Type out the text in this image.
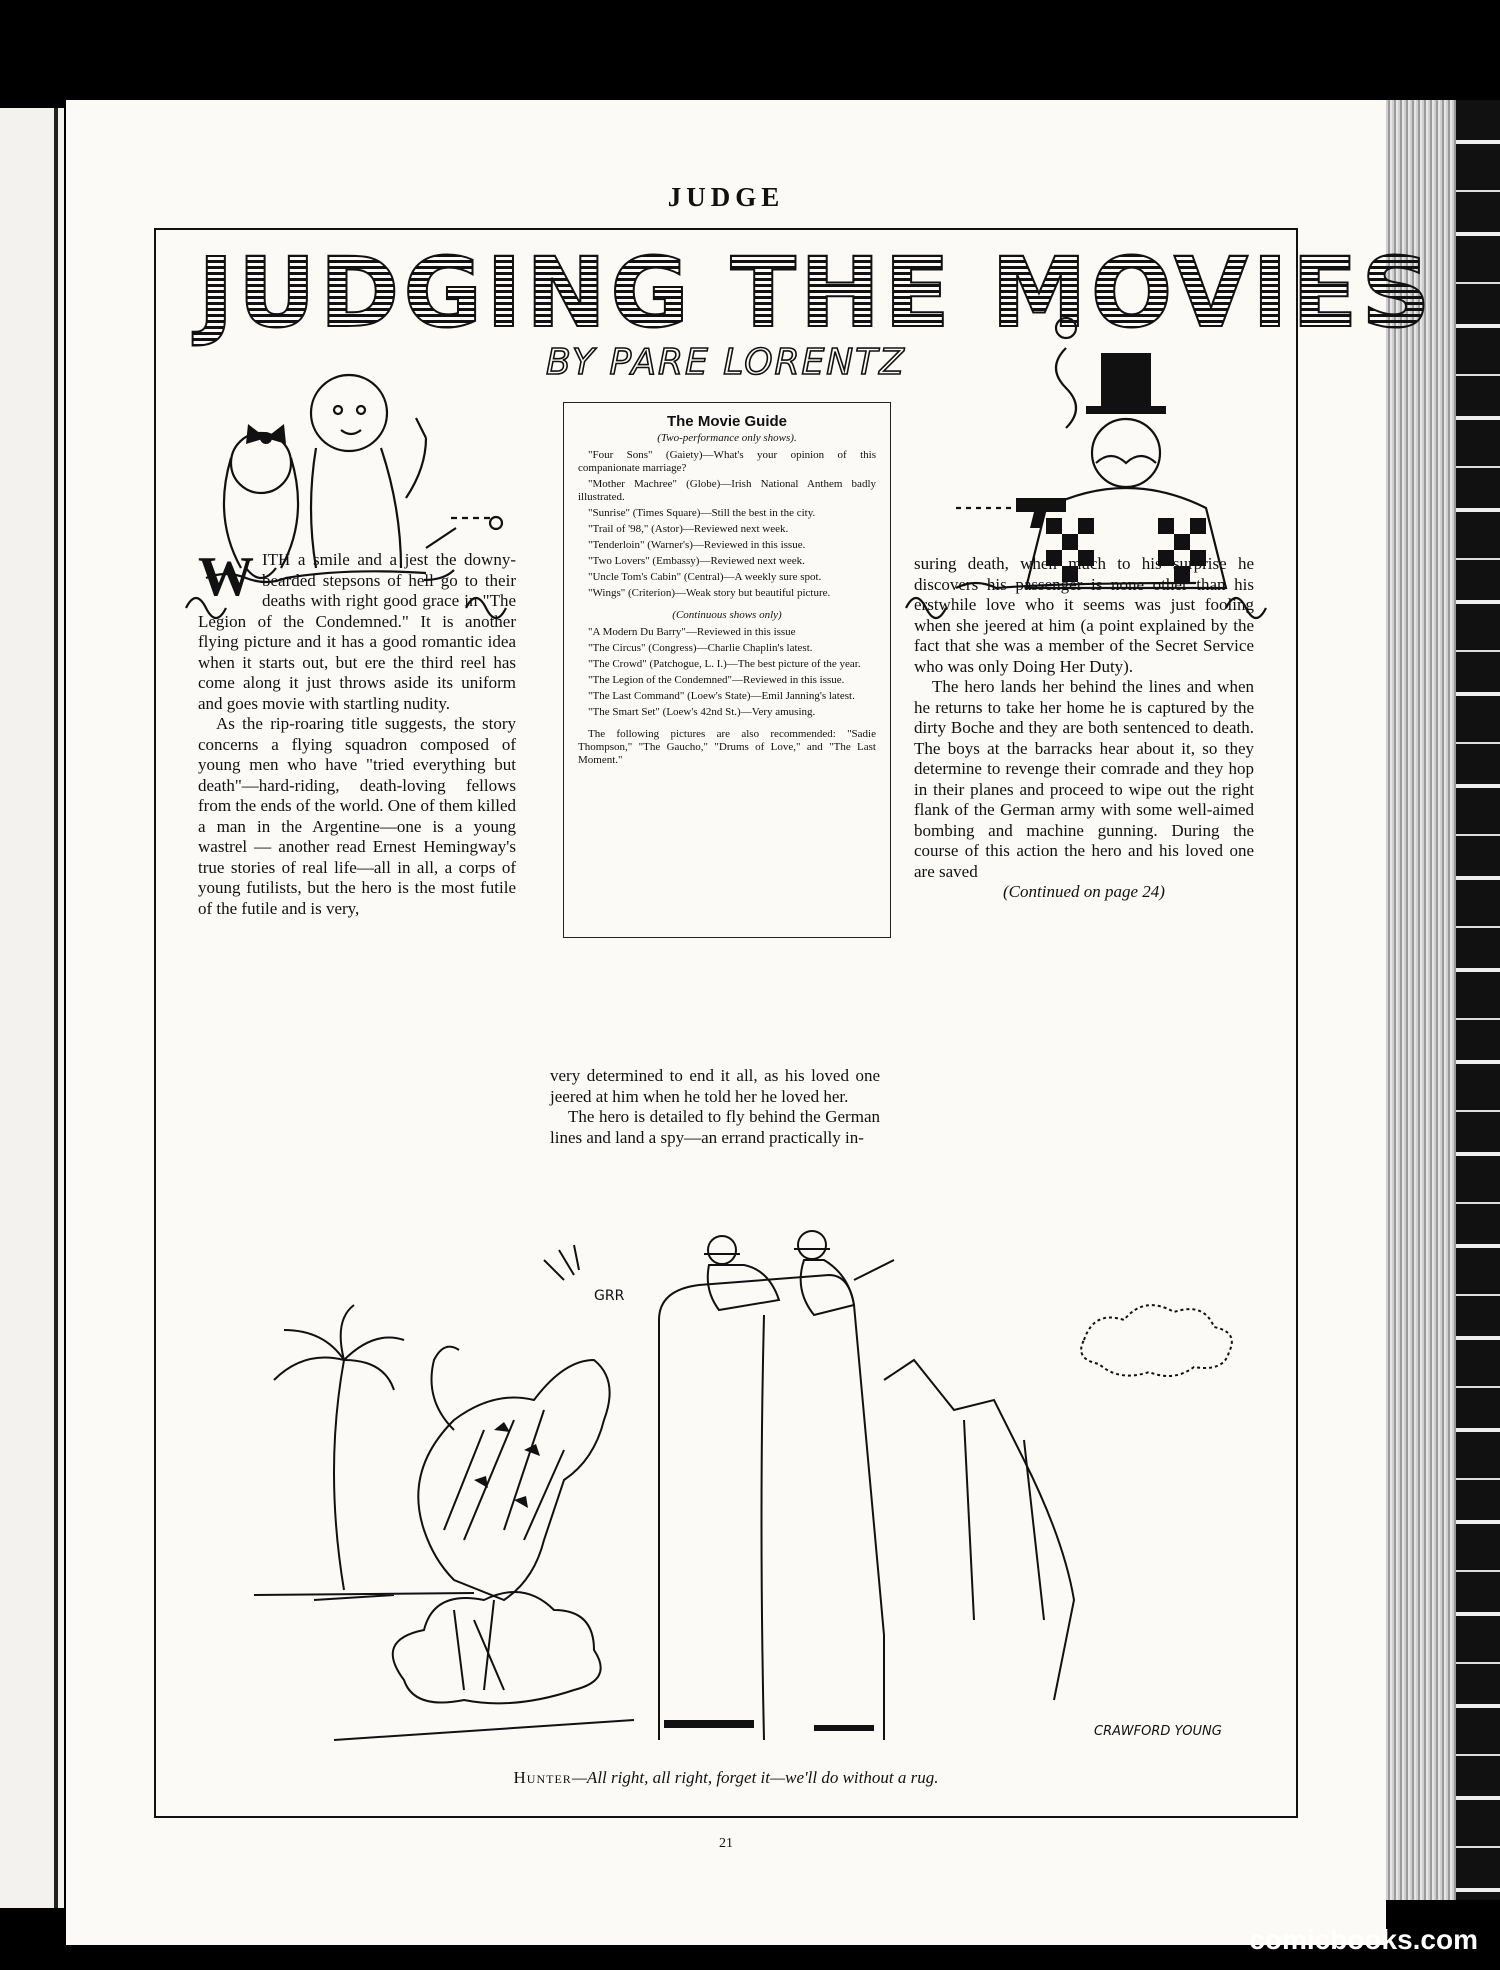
JUDGE
JUDGING THE MOVIES
BY PARE LORENTZ
The Movie Guide
(Two-performance only shows).

"Four Sons" (Gaiety)—What's your opinion of this companionate marriage?

"Mother Machree" (Globe)—Irish National Anthem badly illustrated.

"Sunrise" (Times Square)—Still the best in the city.

"Trail of '98," (Astor)—Reviewed next week.

"Tenderloin" (Warner's)—Reviewed in this issue.

"Two Lovers" (Embassy)—Reviewed next week.

"Uncle Tom's Cabin" (Central)—A weekly sure spot.

"Wings" (Criterion)—Weak story but beautiful picture.

(Continuous shows only)

"A Modern Du Barry"—Reviewed in this issue

"The Circus" (Congress)—Charlie Chaplin's latest.

"The Crowd" (Patchogue, L. I.)—The best picture of the year.

"The Legion of the Condemned"—Reviewed in this issue.

"The Last Command" (Loew's State)—Emil Janning's latest.

"The Smart Set" (Loew's 42nd St.)—Very amusing.

The following pictures are also recommended: "Sadie Thompson," "The Gaucho," "Drums of Love," and "The Last Moment."

WITH a smile and a jest the downy-bearded stepsons of hell go to their deaths with right good grace in "The Legion of the Condemned." It is another flying picture and it has a good romantic idea when it starts out, but ere the third reel has come along it just throws aside its uniform and goes movie with startling nudity.

As the rip-roaring title suggests, the story concerns a flying squadron composed of young men who have "tried everything but death"—hard-riding, death-loving fellows from the ends of the world. One of them killed a man in the Argentine—one is a young wastrel — another read Ernest Hemingway's true stories of real life—all in all, a corps of young futilists, but the hero is the most futile of the futile and is very,

very determined to end it all, as his loved one jeered at him when he told her he loved her.

The hero is detailed to fly behind the German lines and land a spy—an errand practically in-

suring death, when much to his surprise he discovers his passenger is none other than his erstwhile love who it seems was just fooling when she jeered at him (a point explained by the fact that she was a member of the Secret Service who was only Doing Her Duty).

The hero lands her behind the lines and when he returns to take her home he is captured by the dirty Boche and they are both sentenced to death. The boys at the barracks hear about it, so they determine to revenge their comrade and they hop in their planes and proceed to wipe out the right flank of the German army with some well-aimed bombing and machine gunning. During the course of this action the hero and his loved one are saved

(Continued on page 24)
GRR
CRAWFORD YOUNG
Hunter—All right, all right, forget it—we'll do without a rug.
21
comicbooks.com
